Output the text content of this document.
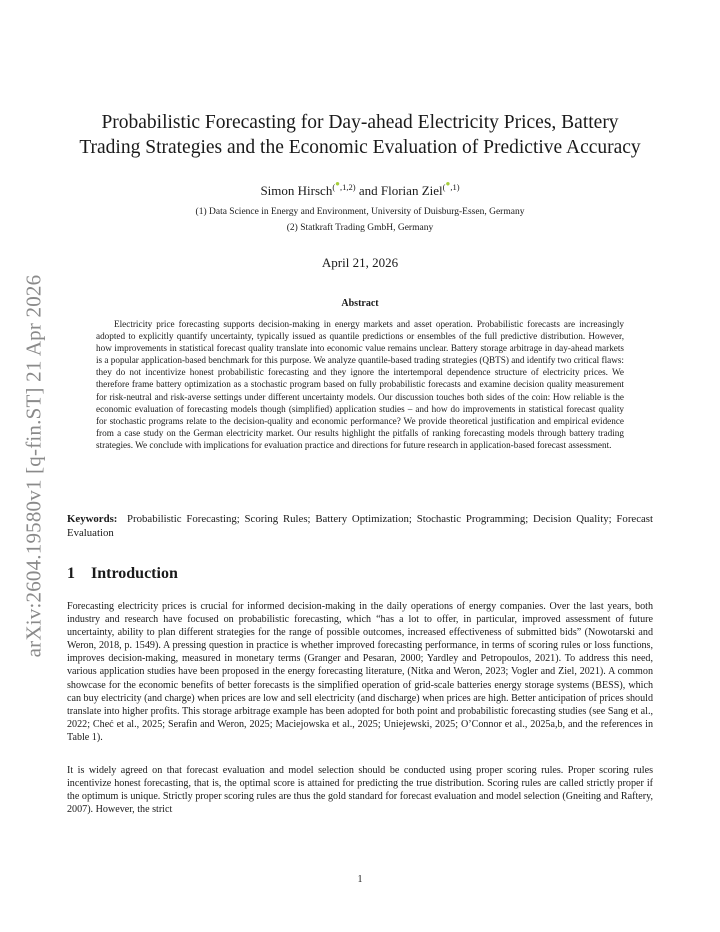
arXiv:2604.19580v1 [q-fin.ST] 21 Apr 2026
Probabilistic Forecasting for Day-ahead Electricity Prices, Battery
Trading Strategies and the Economic Evaluation of Predictive Accuracy
Simon Hirsch$^{(●,1,2)}$ and Florian Ziel$^{(●,1)}$
(1) Data Science in Energy and Environment, University of Duisburg-Essen, Germany
(2) Statkraft Trading GmbH, Germany
April 21, 2026
Abstract

Electricity price forecasting supports decision-making in energy markets and asset operation. Probabilistic forecasts are increasingly adopted to explicitly quantify uncertainty, typically issued as quantile predictions or ensembles of the full predictive distribution. However, how improvements in statistical forecast quality translate into economic value remains unclear. Battery storage arbitrage in day-ahead markets is a popular application-based benchmark for this purpose. We analyze quantile-based trading strategies (QBTS) and identify two critical flaws: they do not incentivize honest probabilistic forecasting and they ignore the intertemporal dependence structure of electricity prices. We therefore frame battery optimization as a stochastic program based on fully probabilistic forecasts and examine decision quality measurement for risk-neutral and risk-averse settings under different uncertainty models. Our discussion touches both sides of the coin: How reliable is the economic evaluation of forecasting models though (simplified) application studies – and how do improvements in statistical forecast quality for stochastic programs relate to the decision-quality and economic performance? We provide theoretical justification and empirical evidence from a case study on the German electricity market. Our results highlight the pitfalls of ranking forecasting models through battery trading strategies. We conclude with implications for evaluation practice and directions for future research in application-based forecast assessment.

Keywords: Probabilistic Forecasting; Scoring Rules; Battery Optimization; Stochastic Programming; Decision Quality; Forecast Evaluation
1 Introduction

Forecasting electricity prices is crucial for informed decision-making in the daily operations of energy companies. Over the last years, both industry and research have focused on probabilistic forecasting, which “has a lot to offer, in particular, improved assessment of future uncertainty, ability to plan different strategies for the range of possible outcomes, increased effectiveness of submitted bids” (Nowotarski and Weron, 2018, p. 1549). A pressing question in practice is whether improved forecasting performance, in terms of scoring rules or loss functions, improves decision-making, measured in monetary terms (Granger and Pesaran, 2000; Yardley and Petropoulos, 2021). To address this need, various application studies have been proposed in the energy forecasting literature, (Nitka and Weron, 2023; Vogler and Ziel, 2021). A common showcase for the economic benefits of better forecasts is the simplified operation of grid-scale batteries energy storage systems (BESS), which can buy electricity (and charge) when prices are low and sell electricity (and discharge) when prices are high. Better anticipation of prices should translate into higher profits. This storage arbitrage example has been adopted for both point and probabilistic forecasting studies (see Sang et al., 2022; Cheć et al., 2025; Serafin and Weron, 2025; Maciejowska et al., 2025; Uniejewski, 2025; O’Connor et al., 2025a,b, and the references in Table 1).

It is widely agreed on that forecast evaluation and model selection should be conducted using proper scoring rules. Proper scoring rules incentivize honest forecasting, that is, the optimal score is attained for predicting the true distribution. Scoring rules are called strictly proper if the optimum is unique. Strictly proper scoring rules are thus the gold standard for forecast evaluation and model selection (Gneiting and Raftery, 2007). However, the strict

1
